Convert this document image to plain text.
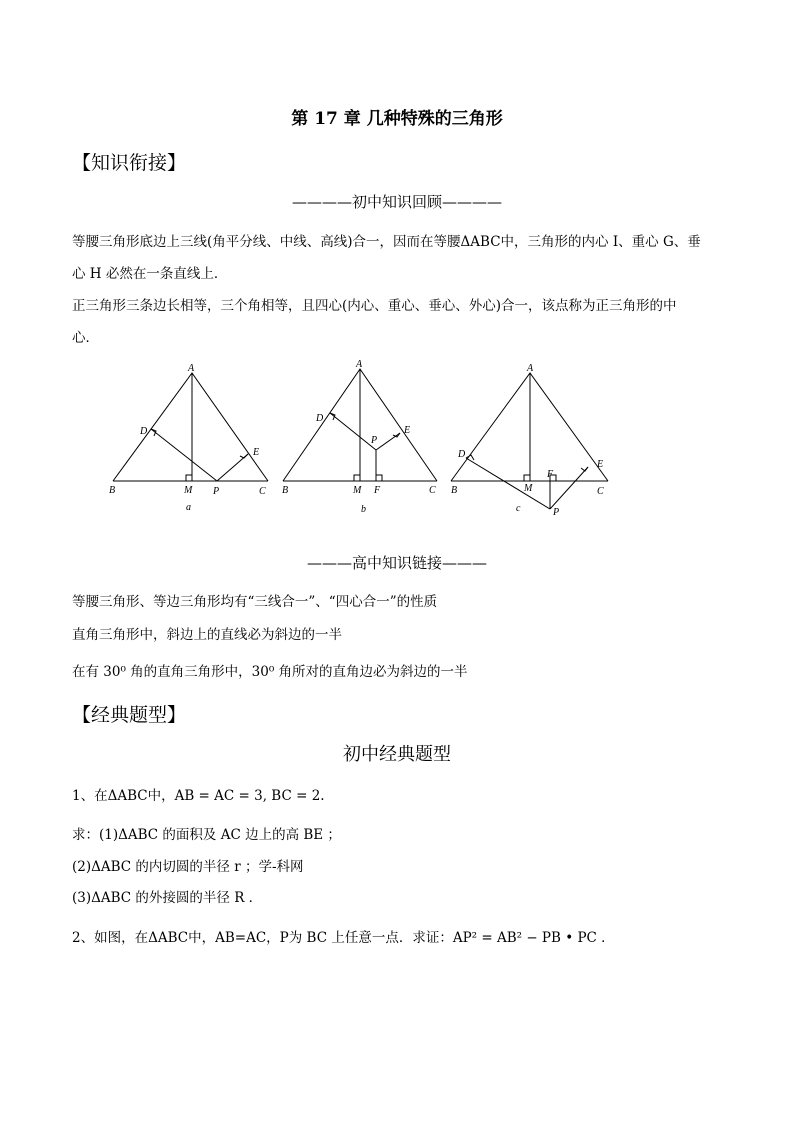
第 17 章 几种特殊的三角形
【知识衔接】
————初中知识回顾————
等腰三角形底边上三线(角平分线、中线、高线)合一，因而在等腰ΔABC中，三角形的内心 I、重心 G、垂
心 H 必然在一条直线上．
正三角形三条边长相等，三个角相等，且四心(内心、重心、垂心、外心)合一，该点称为正三角形的中
心．
A
D
E
B	M P	C
a
A
D
E
P
B	M F	C
b
A
D
E
F
B	M	C
c	P
———高中知识链接———
等腰三角形、等边三角形均有“三线合一”、“四心合一”的性质
直角三角形中，斜边上的直线必为斜边的一半
在有 30⁰ 角的直角三角形中，30⁰ 角所对的直角边必为斜边的一半
【经典题型】
初中经典题型
1、在ΔABC中，AB = AC = 3, BC = 2.
求：(1)ΔABC 的面积及 AC 边上的高 BE ；
(2)ΔABC 的内切圆的半径 r ；学-科网
(3)ΔABC 的外接圆的半径 R ．
2、如图，在ΔABC中，AB=AC，P为 BC 上任意一点．求证：AP² = AB² − PB • PC ．
